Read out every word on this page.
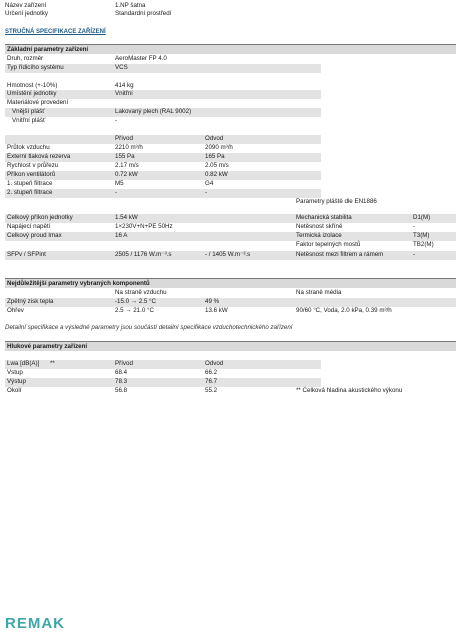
Název zařízení	1.NP šatna
Určení jednotky	Standardní prostředí
STRUČNÁ SPECIFIKACE ZAŘÍZENÍ
Základní parametry zařízení
Druh, rozměr	AeroMaster FP 4.0
Typ řídicího systému	VCS
Hmotnost (+-10%)	414 kg
Umístění jednotky	Vnitřní
Materiálové provedení
Vnější plášť	Lakovaný plech (RAL 9002)
Vnitřní plášť	-
Přívod	Odvod
Průtok vzduchu	2210 m³/h	2090 m³/h
Externí tlaková rezerva	155 Pa	165 Pa
Rychlost v průřezu	2.17 m/s	2.05 m/s
Příkon ventilátorů	0.72 kW	0.82 kW
1. stupeň filtrace	M5	G4
2. stupeň filtrace	-	-
Parametry pláště dle EN1886
Celkový příkon jednotky	1.54 kW	Mechanická stabilita	D1(M)
Napájecí napětí	1×230V+N+PE 50Hz	Netěsnost skříně	-
Celkový proud Imax	16 A	Termická izolace	T3(M)
Faktor tepelných mostů	TB2(M)
SFPv / SFPint	2505 / 1176 W.m⁻³.s	- / 1405 W.m⁻³.s	Netěsnost mezi filtrem a rámem	-
Nejdůležitější parametry vybraných komponentů
Na straně vzduchu	Na straně média
Zpětný zisk tepla	-15.0 → 2.5 °C	49 %
Ohřev	2.5 → 21.0 °C	13.6 kW	90/60 °C, Voda, 2.0 kPa, 0.39 m³/h
Detailní specifikace a výsledné parametry jsou součástí detailní specifikace vzduchotechnického zařízení
Hlukové parametry zařízení
Lwa [dB(A)] **	Přívod	Odvod
Vstup	68.4	66.2
Výstup	78.3	76.7
Okolí	56.8	55.2	** Celková hladina akustického výkonu
REMAK
